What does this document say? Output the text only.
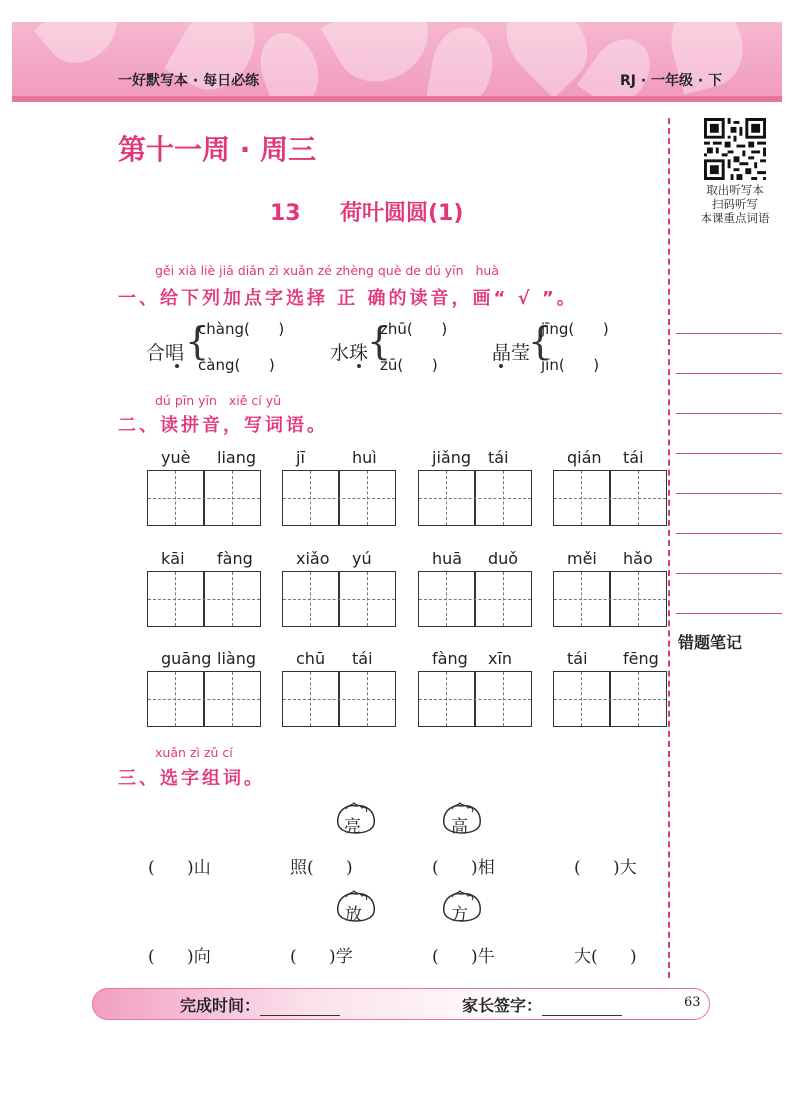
一好默写本 · 每日必练	RJ · 一年级 · 下
取出听写本
扫码听写
本课重点词语
错题笔记
第十一周 · 周三
13 荷叶圆圆(1)
gěi xià liè jiā diǎn zì xuǎn zé zhèng què de dú yīn   huà
一、给下列加点字选择 正 确的读音，画“ √ ”。
合唱 {
chàng(      )
càng(      )
水珠
{
zhū(      )
zū(      )
晶莹
{
jīng(      )
jīn(      )
dú pīn yīn   xiě cí yǔ
二、读拼音，写词语。
yuè liang	jī	huì	jiǎng tái	qián tái
kāi fàng	xiǎo yú	huā duǒ	měi hǎo
guāng liàng	chū tái	fàng xīn	tái fēng
xuǎn zì zǔ cí
三、选字组词。
亮	高
(      )山	照(      )	(      )相	(      )大
放	方
(      )向	(      )学	(      )牛	大(      )
完成时间：	家长签字：	63
